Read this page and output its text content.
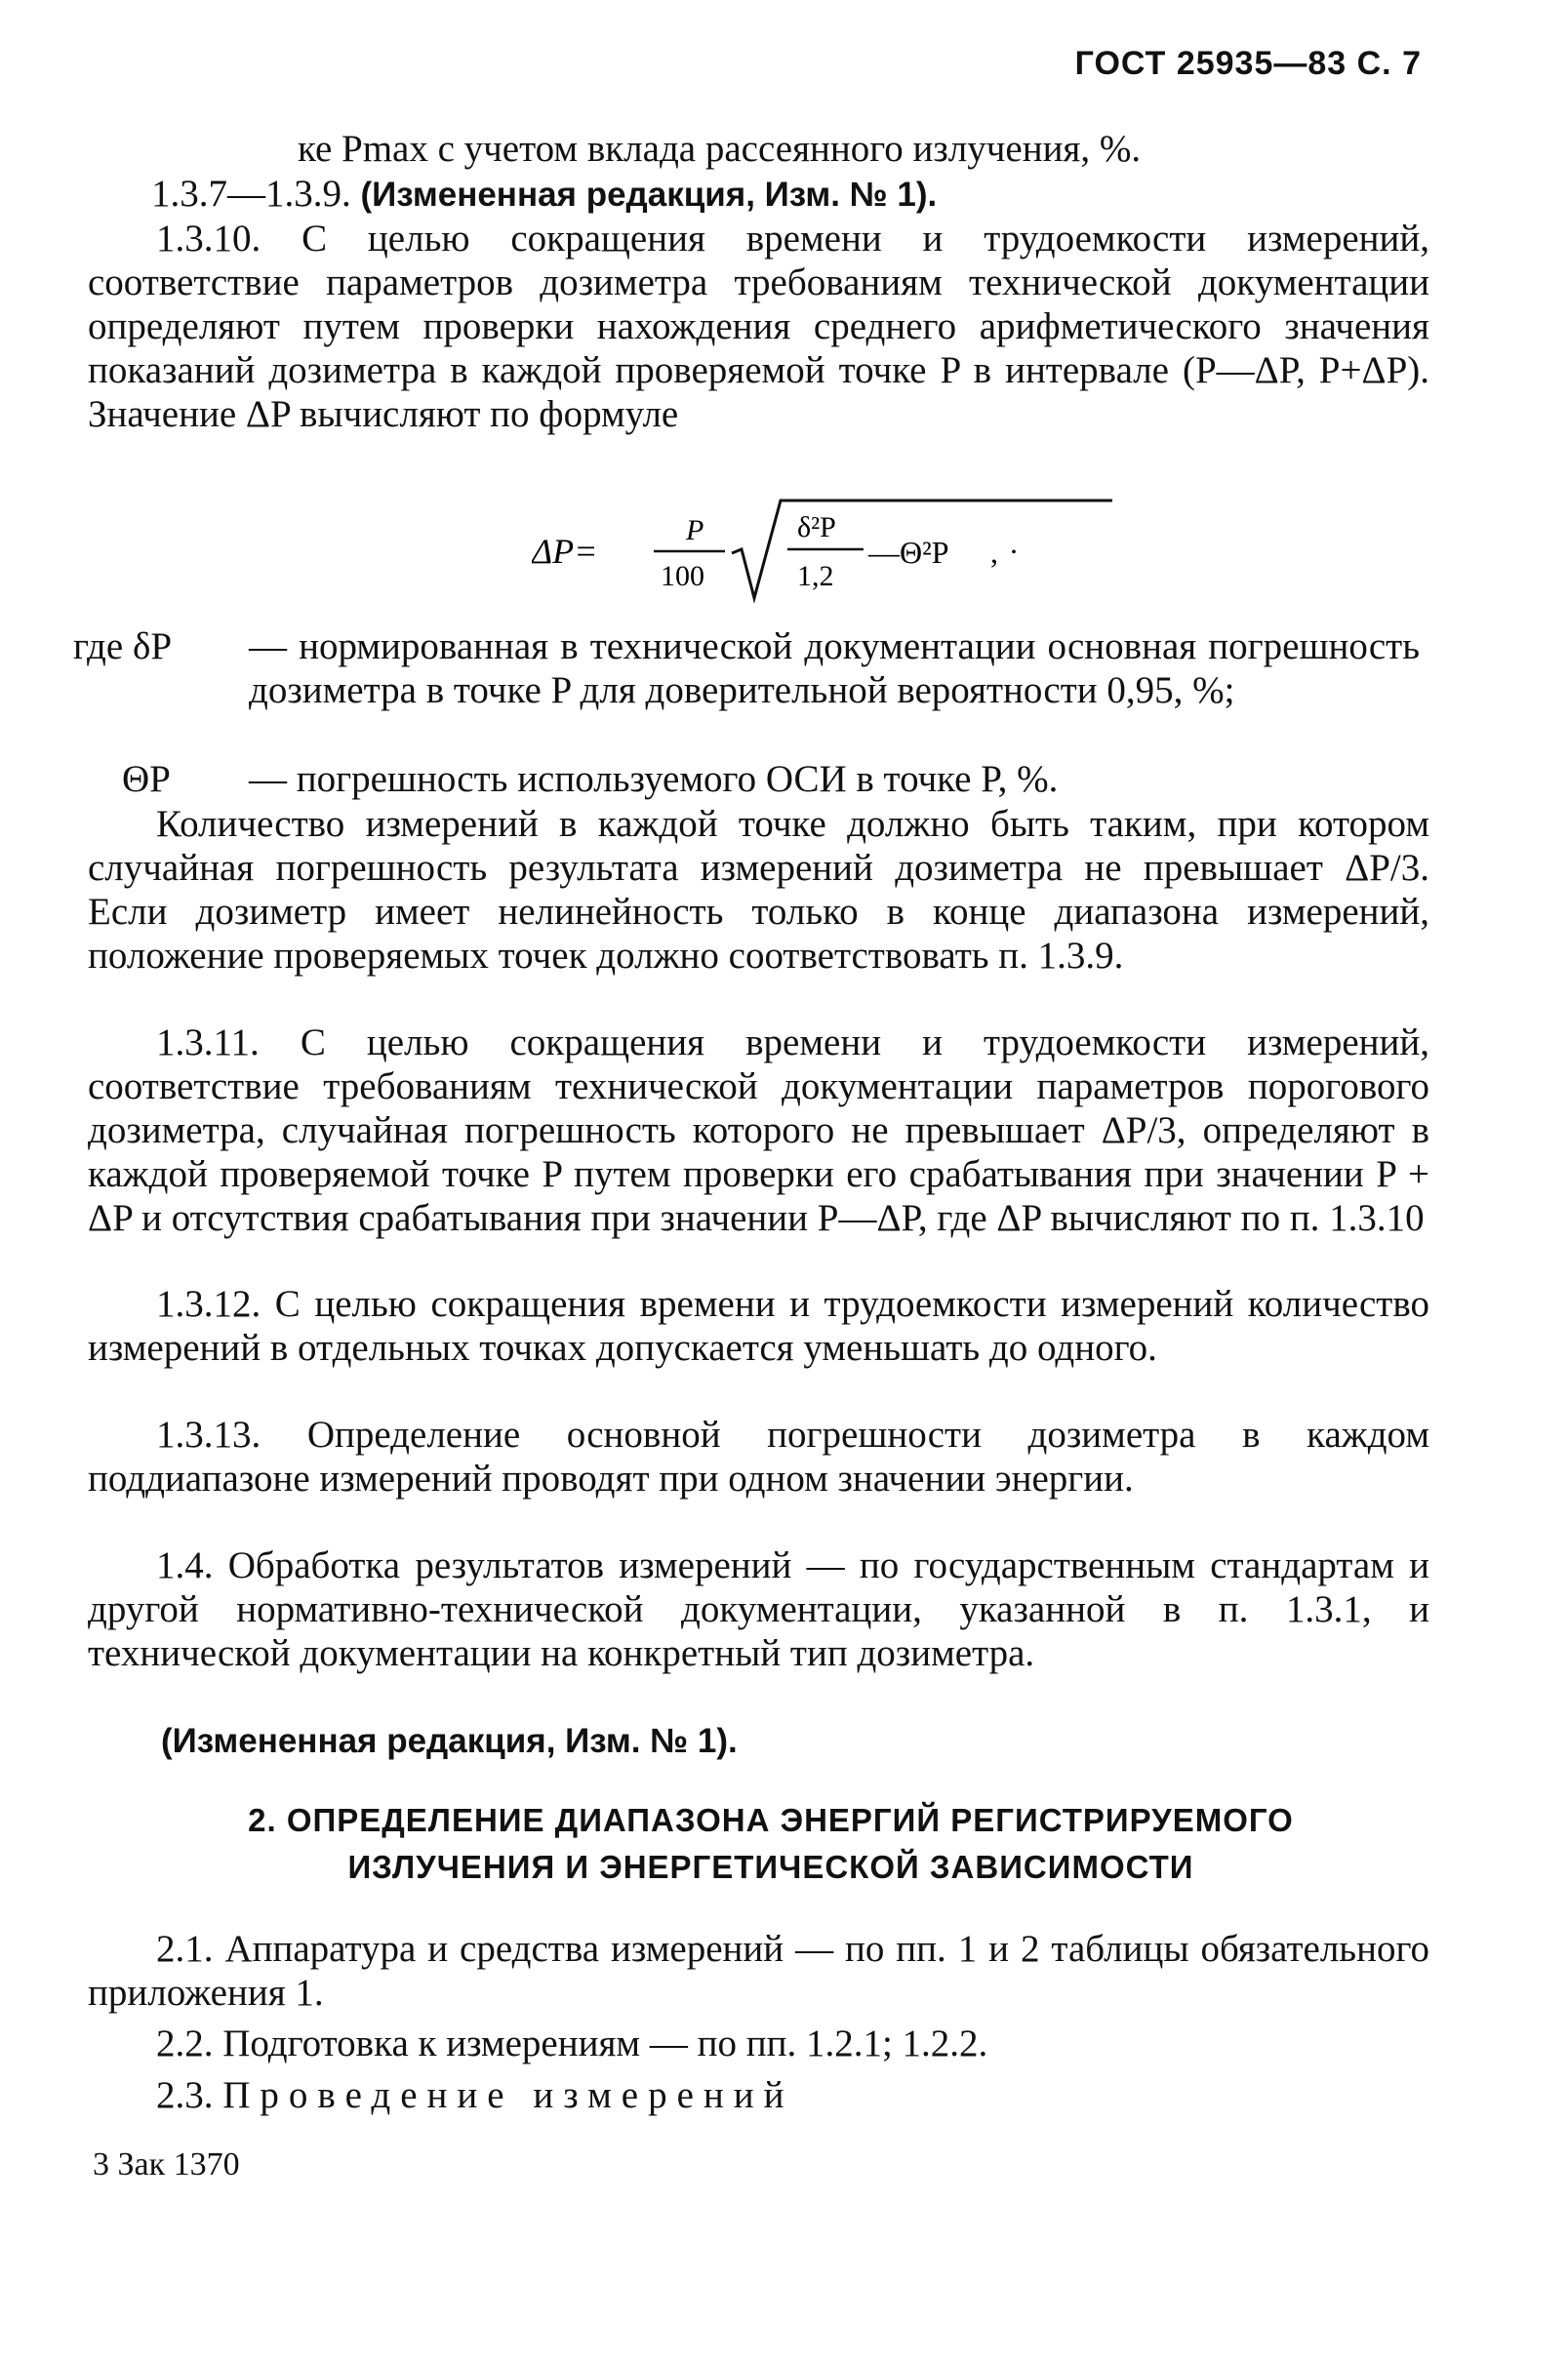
ГОСТ 25935—83 С. 7
ке Pmax с учетом вклада рассеянного излучения, %.
1.3.7—1.3.9. (Измененная редакция, Изм. № 1).

1.3.10. С целью сокращения времени и трудоемкости измерений, соответствие параметров дозиметра требованиям технической документации определяют путем проверки нахождения среднего арифметического значения показаний дозиметра в каждой проверяемой точке P в интервале (P—ΔP, P+ΔP). Значение ΔP вычисляют по формуле

ΔP=
P
100
δ²P
1,2
—Θ²P , .
где δP — нормированная в технической документации основная погрешность дозиметра в точке P для доверительной вероятности 0,95, %;
ΘP — погрешность используемого ОСИ в точке P, %.

Количество измерений в каждой точке должно быть таким, при котором случайная погрешность результата измерений дозиметра не превышает ΔP/3. Если дозиметр имеет нелинейность только в конце диапазона измерений, положение проверяемых точек должно соответствовать п. 1.3.9.

1.3.11. С целью сокращения времени и трудоемкости измерений, соответствие требованиям технической документации параметров порогового дозиметра, случайная погрешность которого не превышает ΔP/3, определяют в каждой проверяемой точке P путем проверки его срабатывания при значении P + ΔP и отсутствия срабатывания при значении P—ΔP, где ΔP вычисляют по п. 1.3.10

1.3.12. С целью сокращения времени и трудоемкости измерений количество измерений в отдельных точках допускается уменьшать до одного.

1.3.13. Определение основной погрешности дозиметра в каждом поддиапазоне измерений проводят при одном значении энергии.

1.4. Обработка результатов измерений — по государственным стандартам и другой нормативно-технической документации, указанной в п. 1.3.1, и технической документации на конкретный тип дозиметра.

(Измененная редакция, Изм. № 1).
2. ОПРЕДЕЛЕНИЕ ДИАПАЗОНА ЭНЕРГИЙ РЕГИСТРИРУЕМОГО
ИЗЛУЧЕНИЯ И ЭНЕРГЕТИЧЕСКОЙ ЗАВИСИМОСТИ

2.1. Аппаратура и средства измерений — по пп. 1 и 2 таблицы обязательного приложения 1.

2.2. Подготовка к измерениям — по пп. 1.2.1; 1.2.2.

2.3. Проведение измерений

3 Зак 1370
